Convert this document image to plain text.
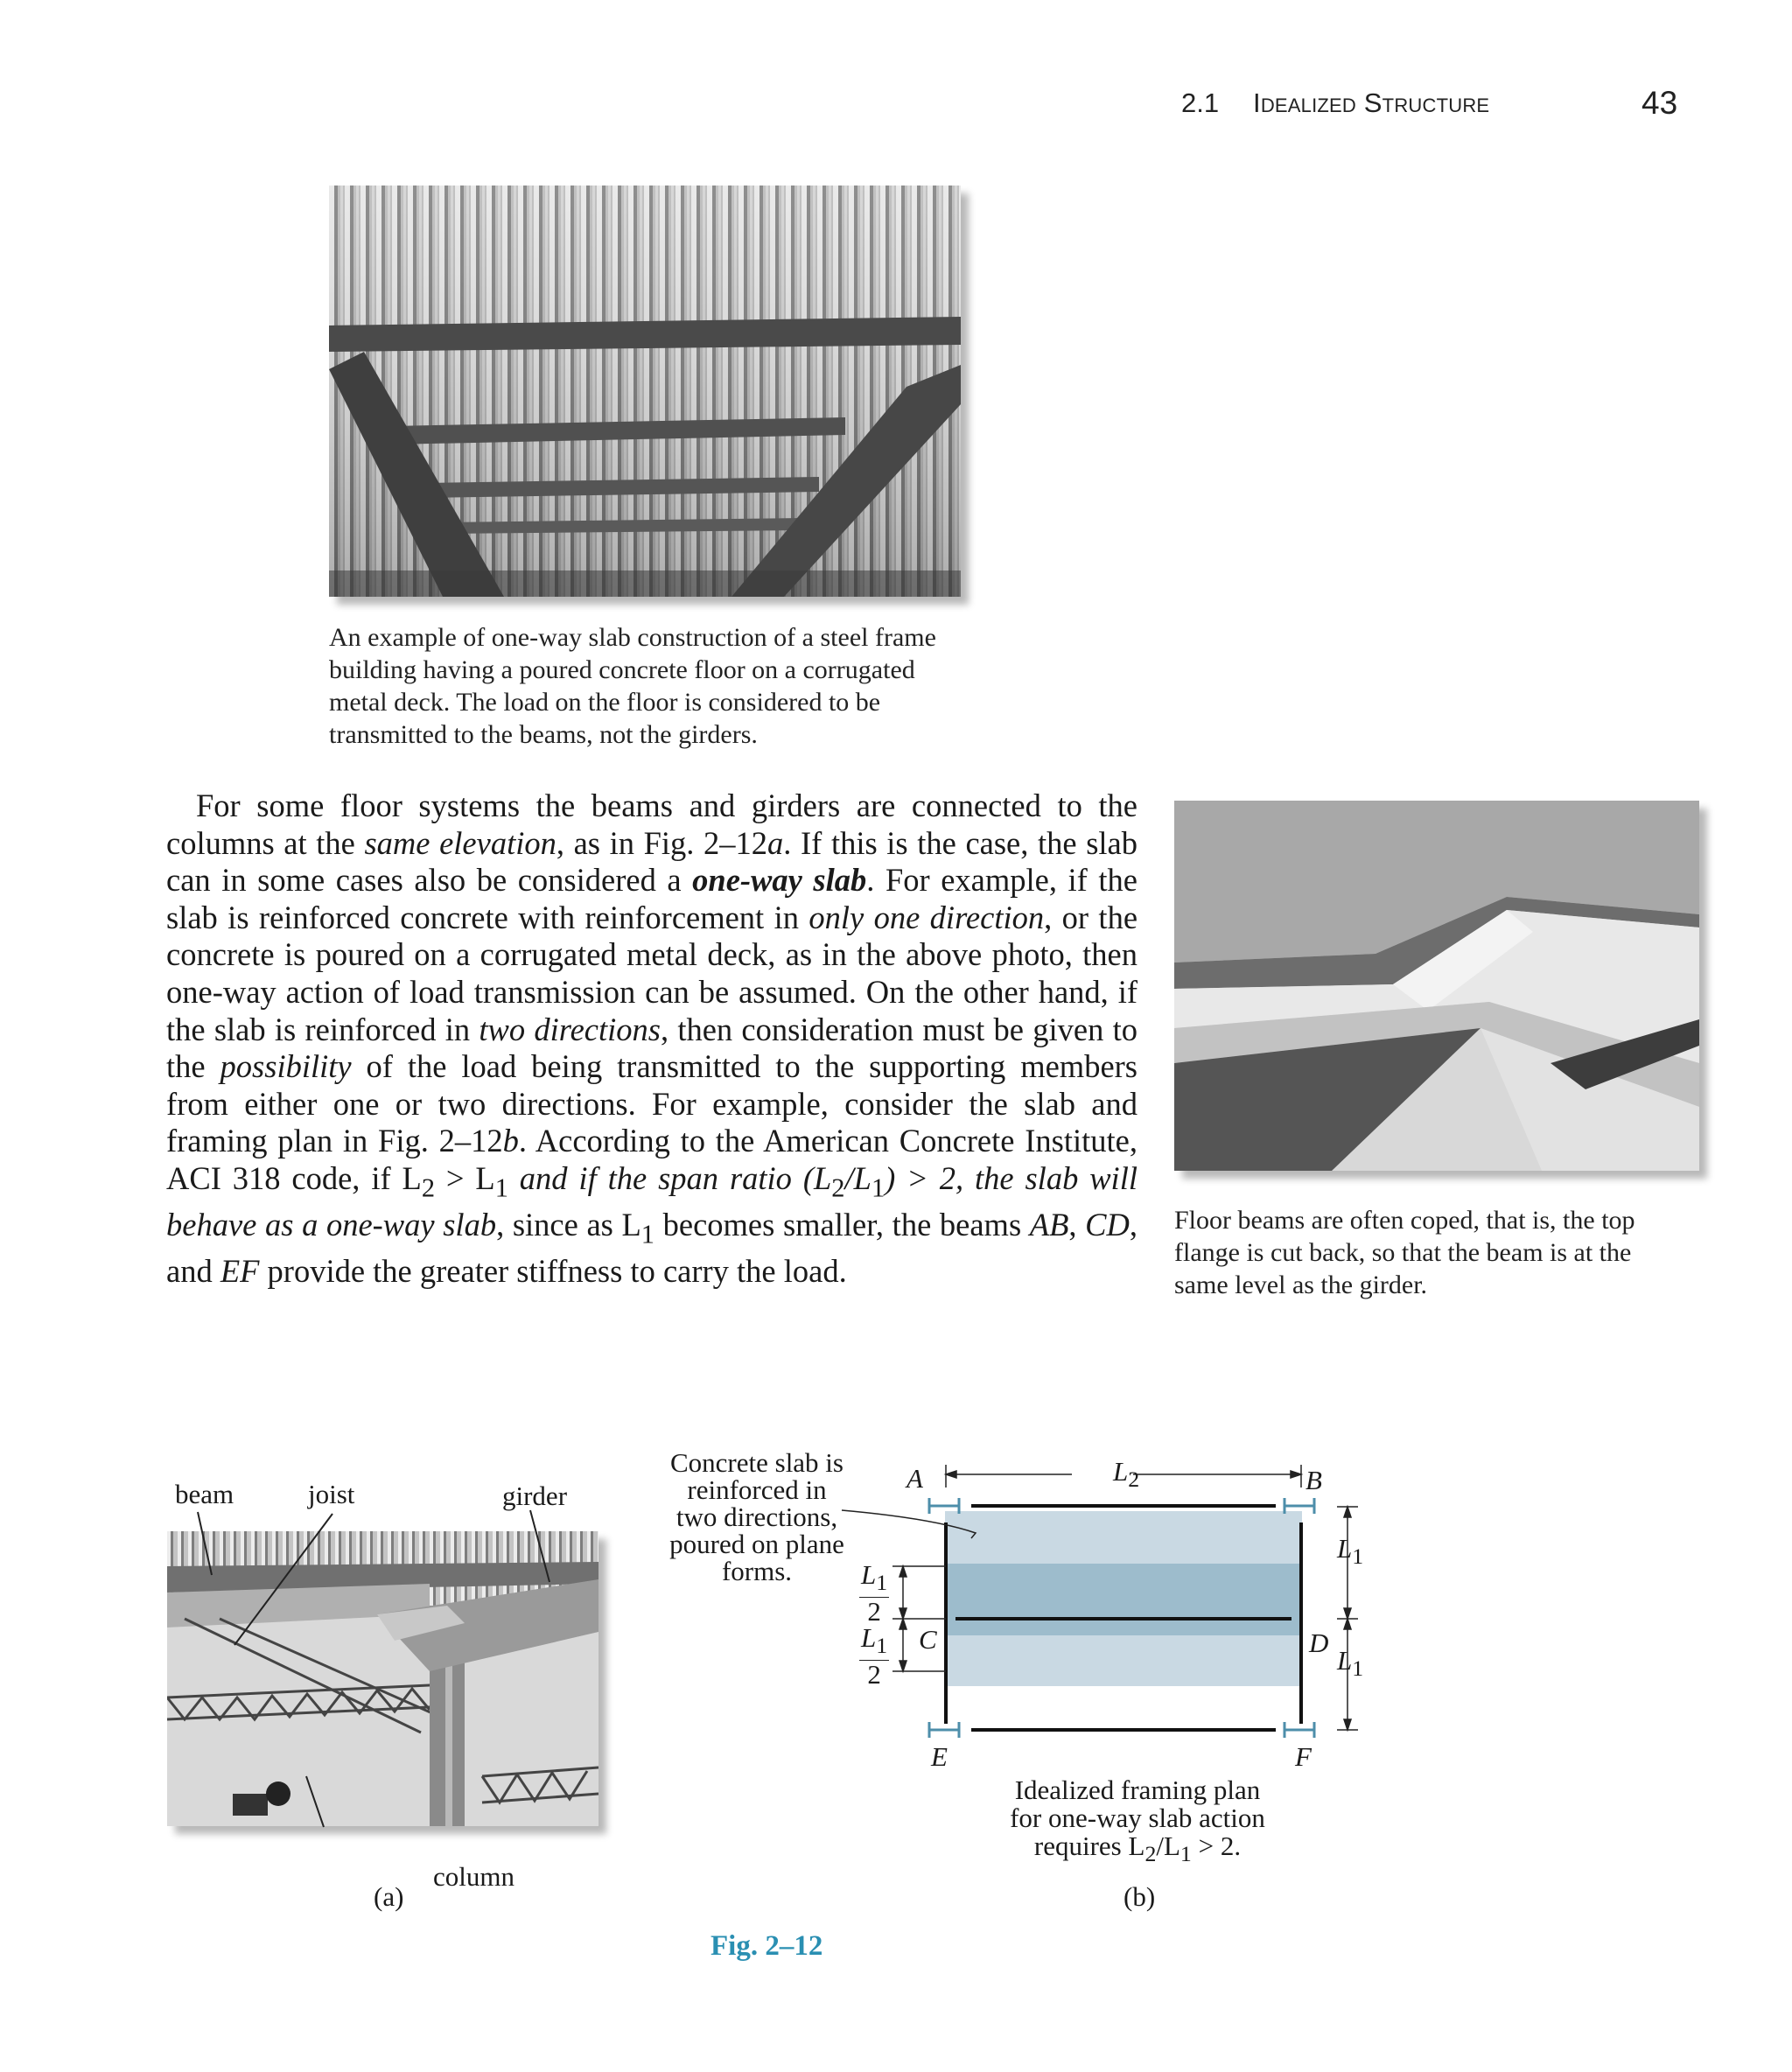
2.1 Idealized Structure	43
An example of one-way slab construction of a steel frame
building having a poured concrete floor on a corrugated
metal deck. The load on the floor is considered to be
transmitted to the beams, not the girders.
Floor beams are often coped, that is, the top
flange is cut back, so that the beam is at the
same level as the girder.

For some floor systems the beams and girders are connected to the columns at the same elevation, as in Fig. 2–12a. If this is the case, the slab can in some cases also be considered a one-way slab. For example, if the slab is reinforced concrete with reinforcement in only one direction, or the concrete is poured on a corrugated metal deck, as in the above photo, then one-way action of load transmission can be assumed. On the other hand, if the slab is reinforced in two directions, then consideration must be given to the possibility of the load being transmitted to the supporting members from either one or two directions. For example, consider the slab and framing plan in Fig. 2–12b. According to the American Concrete Institute, ACI 318 code, if $L_2 > L_1$ and if the span ratio $(L_2/L_1) > 2$, the slab will behave as a one-way slab, since as $L_1$ becomes smaller, the beams AB, CD, and EF provide the greater stiffness to carry the load.

beam	joist	girder
column
(a)
Concrete slab is
reinforced in
two directions,
poured on plane
forms.
A	B
C	D
E	F
$L_2$
$L_1$
$L_1$
$L_1$
2
$L_1$
2
Idealized framing plan
for one-way slab action
requires $L_2/L_1 > 2$.
(b)
Fig. 2–12
